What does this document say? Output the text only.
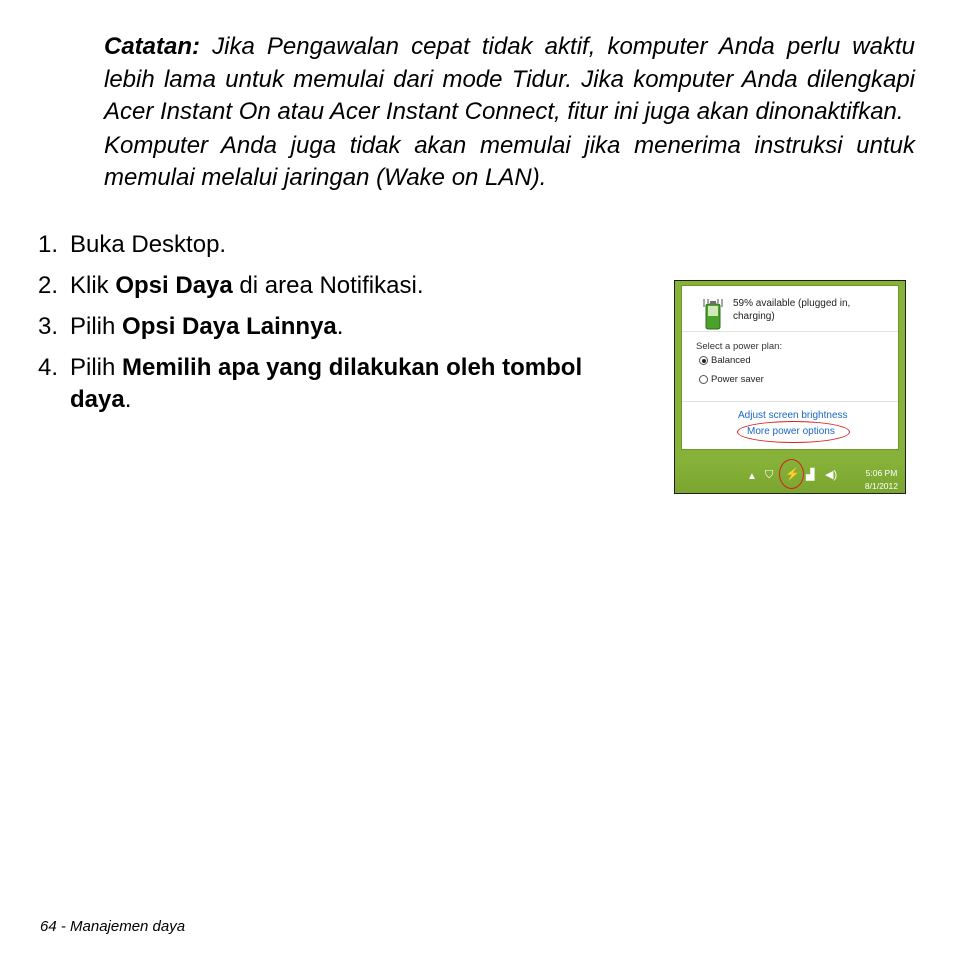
Catatan: Jika Pengawalan cepat tidak aktif, komputer Anda perlu waktu lebih lama untuk memulai dari mode Tidur. Jika komputer Anda dilengkapi Acer Instant On atau Acer Instant Connect, fitur ini juga akan dinonaktifkan.

Komputer Anda juga tidak akan memulai jika menerima instruksi untuk memulai melalui jaringan (Wake on LAN).

1. Buka Desktop.
2. Klik Opsi Daya di area Notifikasi.
3. Pilih Opsi Daya Lainnya.
4. Pilih Memilih apa yang dilakukan oleh tombol daya.
59% available (plugged in, charging)
Select a power plan:
Balanced
Power saver
Adjust screen brightness
More power options
▲ ⛉ ⚡ ▟ ◀)	5:06 PM
8/1/2012
64 - Manajemen daya
